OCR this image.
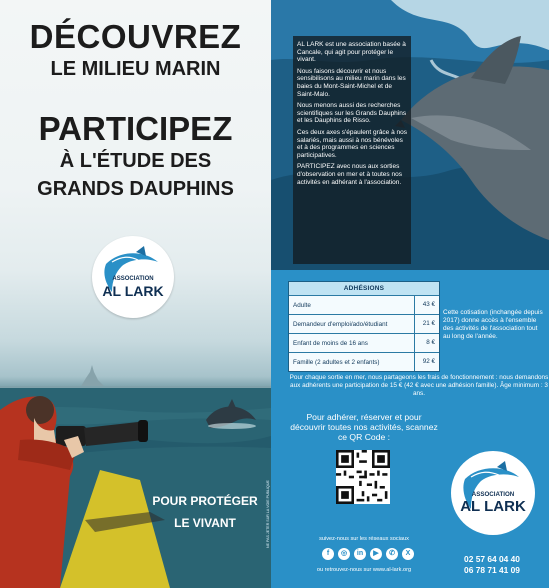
DÉCOUVREZ
LE MILIEU MARIN
PARTICIPEZ
À L'ÉTUDE DES
GRANDS DAUPHINS
ASSOCIATION
AL LARK
POUR PROTÉGER
LE VIVANT

AL LARK est une association basée à Cancale, qui agit pour protéger le vivant.

Nous faisons découvrir et nous sensibilisons au milieu marin dans les baies du Mont-Saint-Michel et de Saint-Malo.

Nous menons aussi des recherches scientifiques sur les Grands Dauphins et les Dauphins de Risso.

Ces deux axes s'épaulent grâce à nos salariés, mais aussi à nos bénévoles et à des programmes en sciences participatives.

PARTICIPEZ avec nous aux sorties d'observation en mer et à toutes nos activités en adhérant à l'association.

ADHÉSIONS
Adulte	43 €
Demandeur d'emploi/ado/étudiant	21 €
Enfant de moins de 16 ans	8 €
Famille (2 adultes et 2 enfants)	92 €
Cette cotisation (inchangée depuis 2017) donne accès à l'ensemble des activités de l'association tout au long de l'année.
Pour chaque sortie en mer, nous partageons les frais de fonctionnement : nous demandons aux adhérents une participation de 15 € (42 € avec une adhésion famille). Âge minimum : 3 ans.
Pour adhérer, réserver et pour découvrir toutes nos activités, scannez ce QR Code :
suivez-nous sur les réseaux sociaux
f	◎	in	▶	✆	X
ou retrouvez-nous sur www.al-lark.org
ASSOCIATION
AL LARK
02 57 64 04 40
06 78 71 41 09
NE PAS JETER SUR LA VOIE PUBLIQUE
